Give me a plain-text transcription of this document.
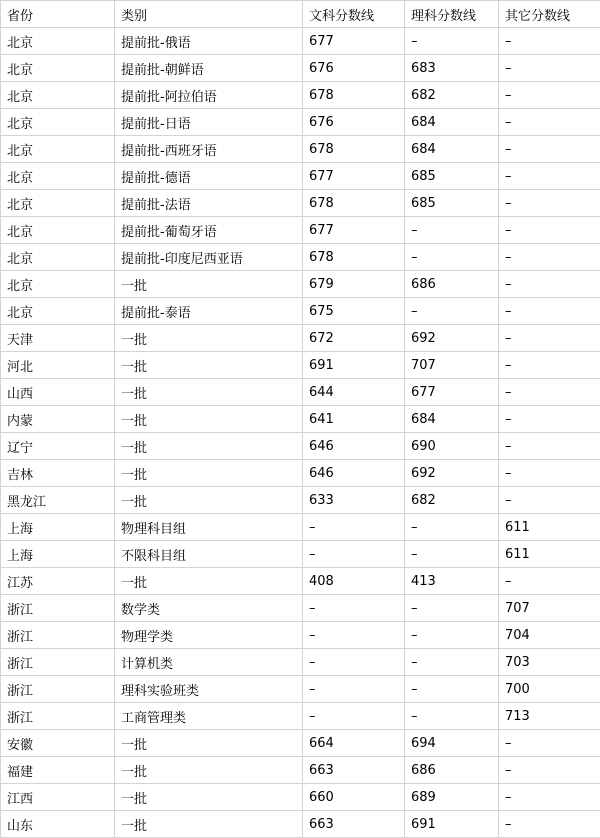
省份	类别	文科分数线	理科分数线	其它分数线
北京	提前批-俄语	677	–	–
北京	提前批-朝鲜语	676	683	–
北京	提前批-阿拉伯语	678	682	–
北京	提前批-日语	676	684	–
北京	提前批-西班牙语	678	684	–
北京	提前批-德语	677	685	–
北京	提前批-法语	678	685	–
北京	提前批-葡萄牙语	677	–	–
北京	提前批-印度尼西亚语	678	–	–
北京	一批	679	686	–
北京	提前批-泰语	675	–	–
天津	一批	672	692	–
河北	一批	691	707	–
山西	一批	644	677	–
内蒙	一批	641	684	–
辽宁	一批	646	690	–
吉林	一批	646	692	–
黑龙江	一批	633	682	–
上海	物理科目组	–	–	611
上海	不限科目组	–	–	611
江苏	一批	408	413	–
浙江	数学类	–	–	707
浙江	物理学类	–	–	704
浙江	计算机类	–	–	703
浙江	理科实验班类	–	–	700
浙江	工商管理类	–	–	713
安徽	一批	664	694	–
福建	一批	663	686	–
江西	一批	660	689	–
山东	一批	663	691	–
